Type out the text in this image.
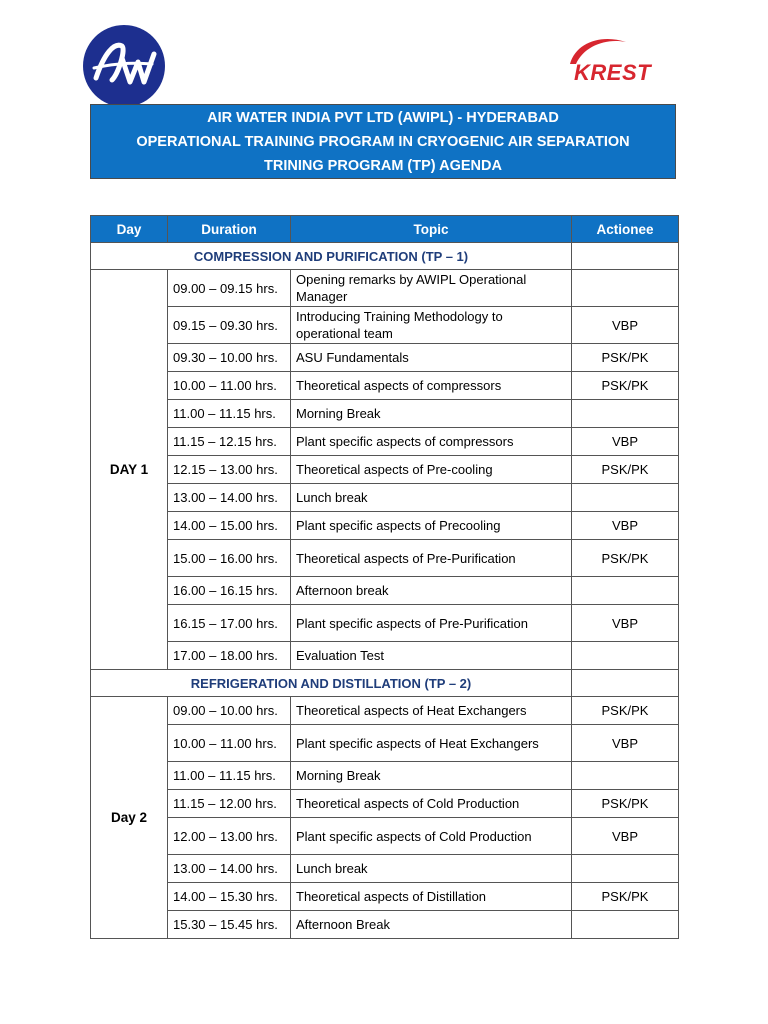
KREST
AIR WATER INDIA PVT LTD (AWIPL) - HYDERABAD
OPERATIONAL TRAINING PROGRAM IN CRYOGENIC AIR SEPARATION
TRINING PROGRAM (TP) AGENDA
Day	Duration	Topic	Actionee
COMPRESSION AND PURIFICATION (TP – 1)			
DAY 1	09.00 – 09.15 hrs.	Opening remarks by AWIPL Operational Manager	
	09.15 – 09.30 hrs.	Introducing Training Methodology to operational team	VBP
	09.30 – 10.00 hrs.	ASU Fundamentals	PSK/PK
	10.00 – 11.00 hrs.	Theoretical aspects of compressors	PSK/PK
	11.00 – 11.15 hrs.	Morning Break	
	11.15 – 12.15 hrs.	Plant specific aspects of compressors	VBP
	12.15 – 13.00 hrs.	Theoretical aspects of Pre-cooling	PSK/PK
	13.00 – 14.00 hrs.	Lunch break	
	14.00 – 15.00 hrs.	Plant specific aspects of Precooling	VBP
	15.00 – 16.00 hrs.	Theoretical aspects of Pre-Purification	PSK/PK
	16.00 – 16.15 hrs.	Afternoon break	
	16.15 – 17.00 hrs.	Plant specific aspects of Pre-Purification	VBP
	17.00 – 18.00 hrs.	Evaluation Test	
REFRIGERATION AND DISTILLATION (TP – 2)			
Day 2	09.00 – 10.00 hrs.	Theoretical aspects of Heat Exchangers	PSK/PK
	10.00 – 11.00 hrs.	Plant specific aspects of Heat Exchangers	VBP
	11.00 – 11.15 hrs.	Morning Break	
	11.15 – 12.00 hrs.	Theoretical aspects of Cold Production	PSK/PK
	12.00 – 13.00 hrs.	Plant specific aspects of Cold Production	VBP
	13.00 – 14.00 hrs.	Lunch break	
	14.00 – 15.30 hrs.	Theoretical aspects of Distillation	PSK/PK
	15.30 – 15.45 hrs.	Afternoon Break	
